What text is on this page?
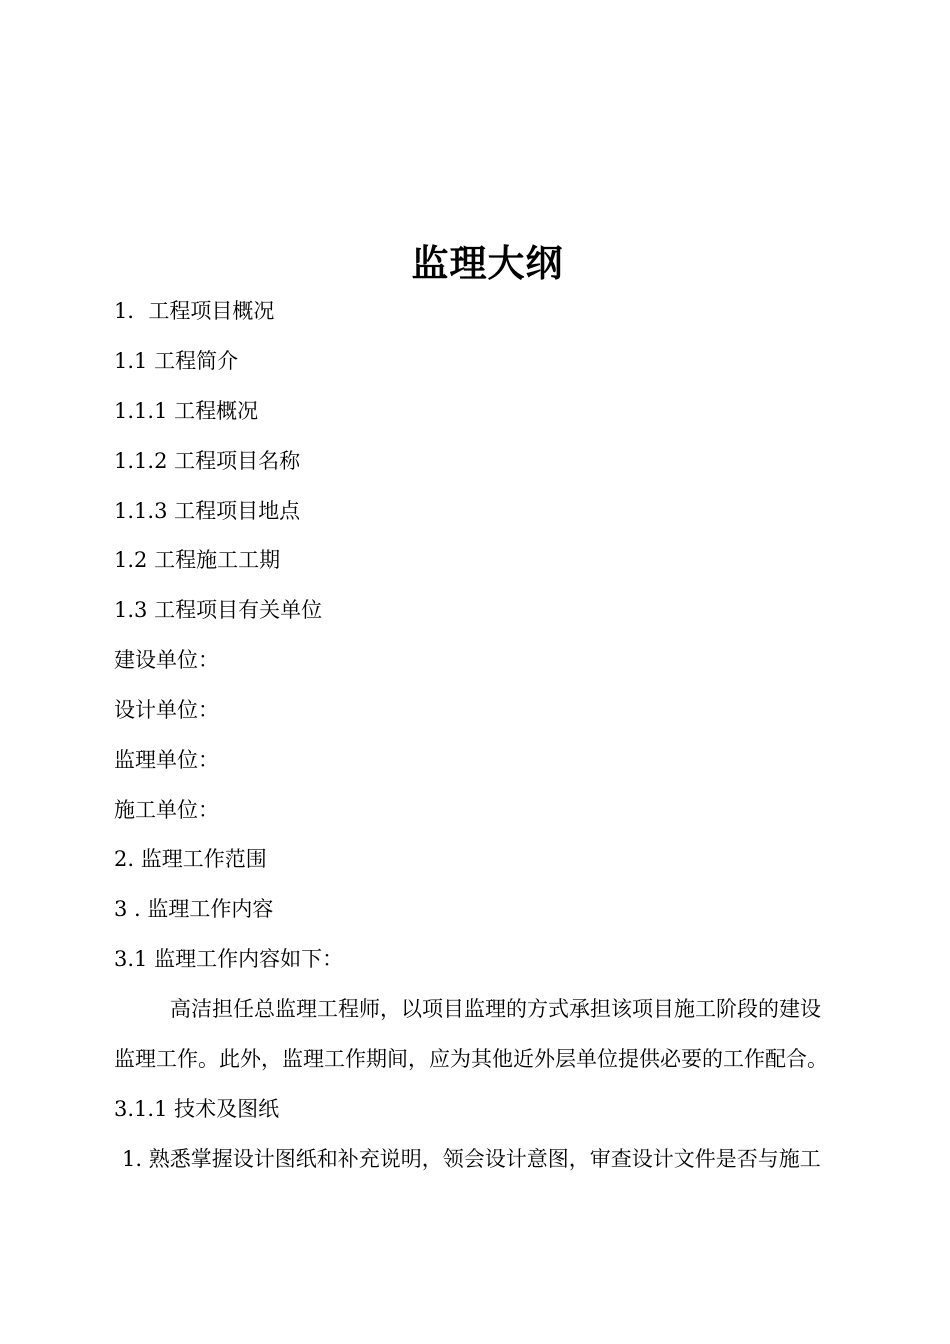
监理大纲
1．工程项目概况
1.1 工程简介
1.1.1 工程概况
1.1.2 工程项目名称
1.1.3 工程项目地点
1.2 工程施工工期
1.3 工程项目有关单位
建设单位：
设计单位：
监理单位：
施工单位：
2. 监理工作范围
3 . 监理工作内容
3.1 监理工作内容如下：
高洁担任总监理工程师，以项目监理的方式承担该项目施工阶段的建设
监理工作。此外，监理工作期间，应为其他近外层单位提供必要的工作配合。
3.1.1 技术及图纸
1. 熟悉掌握设计图纸和补充说明，领会设计意图，审查设计文件是否与施工
